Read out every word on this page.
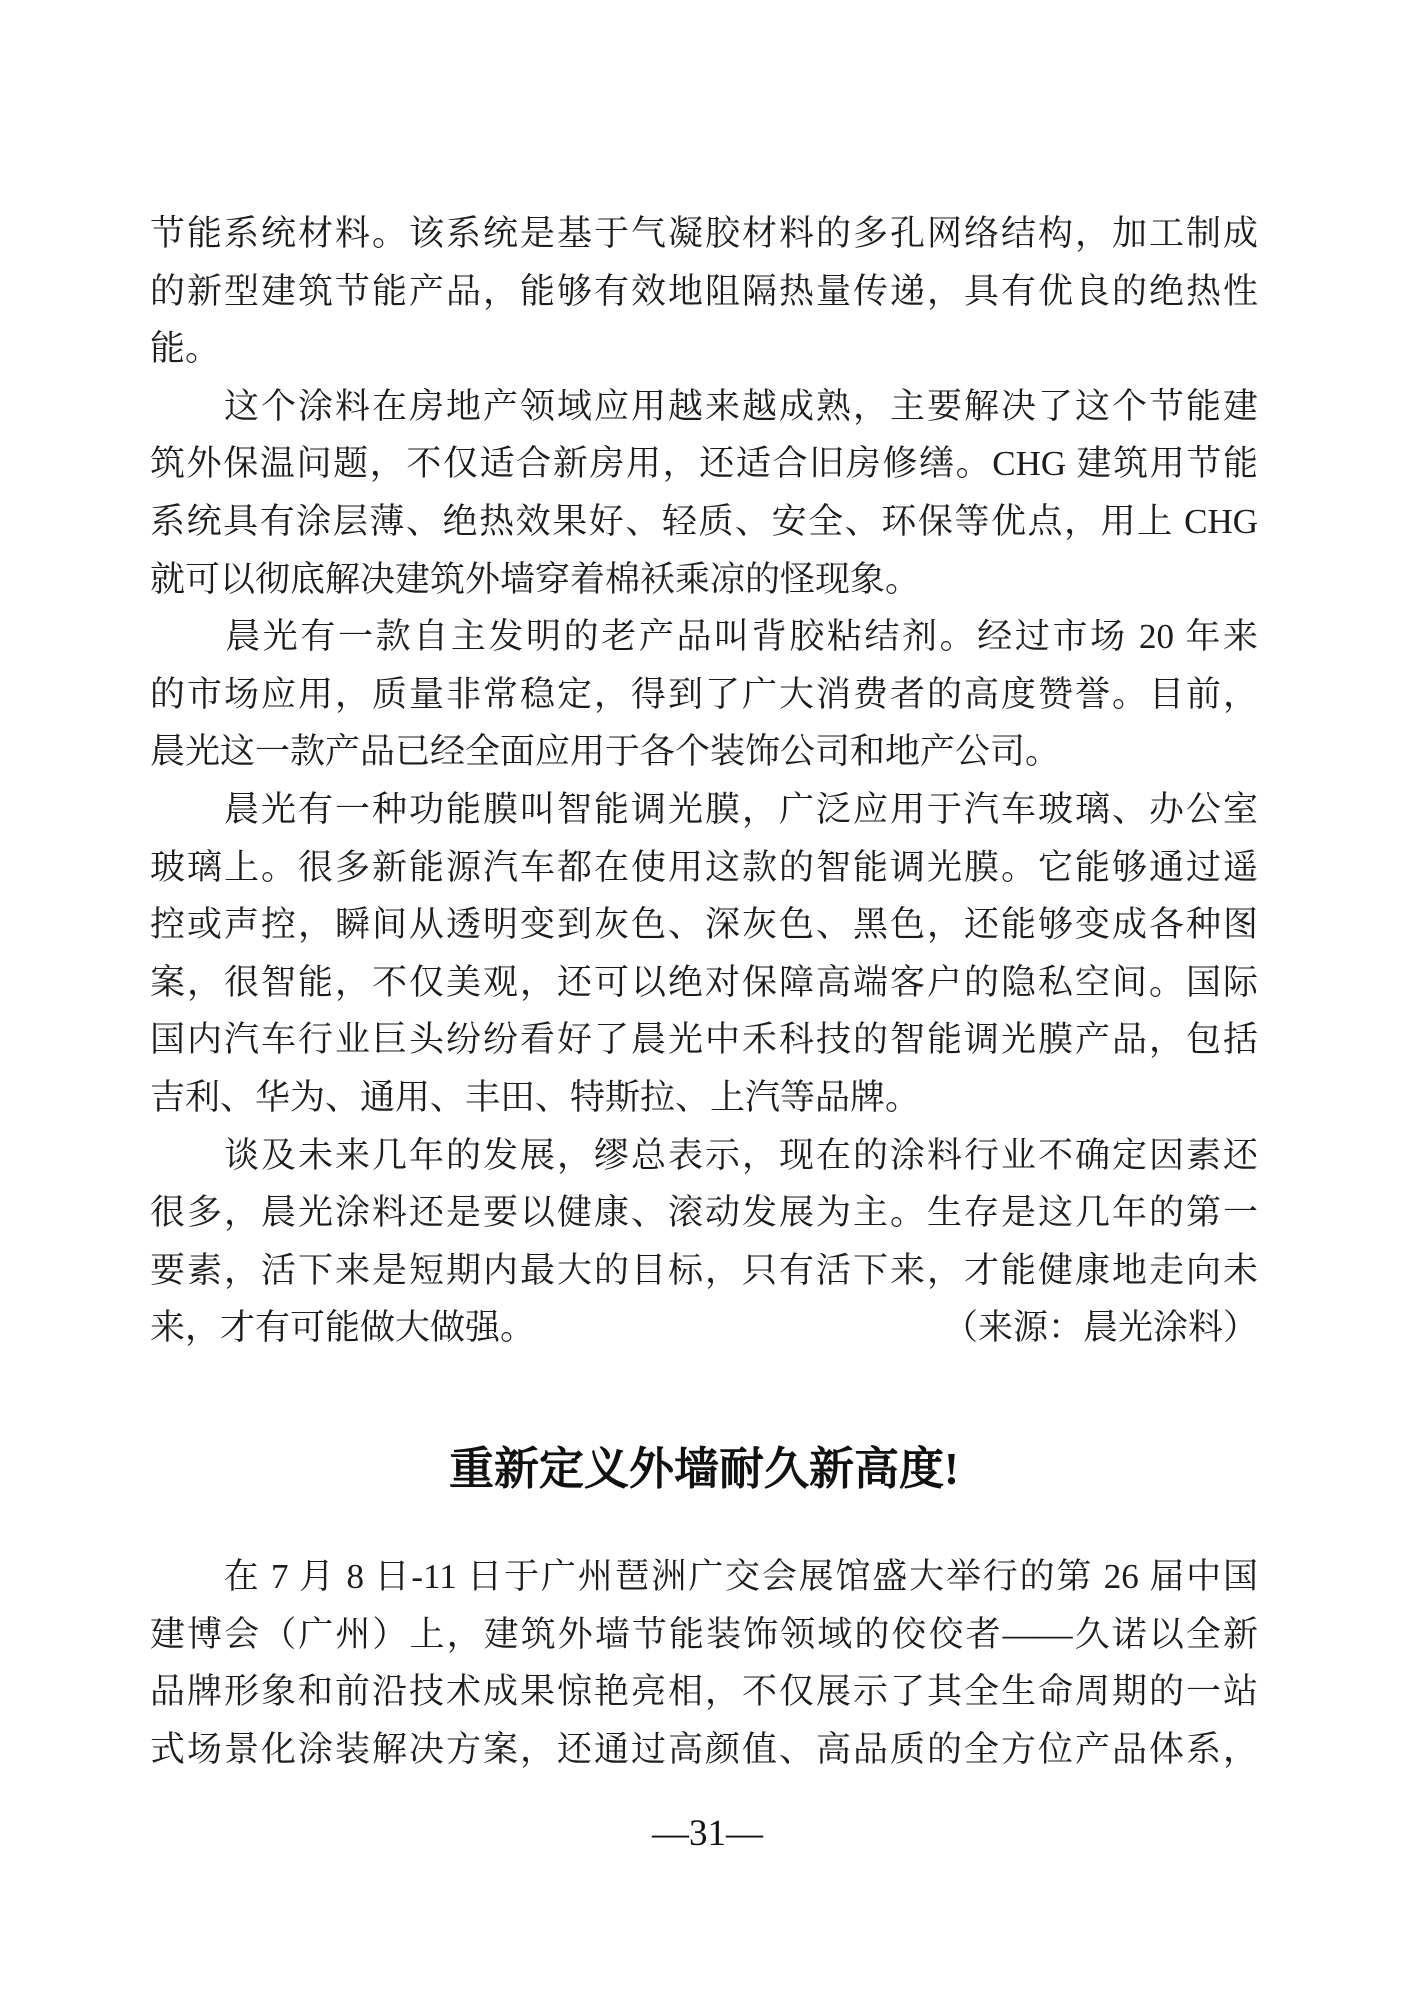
节能系统材料。该系统是基于气凝胶材料的多孔网络结构，加工制成
的新型建筑节能产品，能够有效地阻隔热量传递，具有优良的绝热性
能。
　　这个涂料在房地产领域应用越来越成熟，主要解决了这个节能建
筑外保温问题，不仅适合新房用，还适合旧房修缮。CHG 建筑用节能
系统具有涂层薄、绝热效果好、轻质、安全、环保等优点，用上 CHG
就可以彻底解决建筑外墙穿着棉袄乘凉的怪现象。
　　晨光有一款自主发明的老产品叫背胶粘结剂。经过市场 20 年来
的市场应用，质量非常稳定，得到了广大消费者的高度赞誉。目前，
晨光这一款产品已经全面应用于各个装饰公司和地产公司。
　　晨光有一种功能膜叫智能调光膜，广泛应用于汽车玻璃、办公室
玻璃上。很多新能源汽车都在使用这款的智能调光膜。它能够通过遥
控或声控，瞬间从透明变到灰色、深灰色、黑色，还能够变成各种图
案，很智能，不仅美观，还可以绝对保障高端客户的隐私空间。国际
国内汽车行业巨头纷纷看好了晨光中禾科技的智能调光膜产品，包括
吉利、华为、通用、丰田、特斯拉、上汽等品牌。
　　谈及未来几年的发展，缪总表示，现在的涂料行业不确定因素还
很多，晨光涂料还是要以健康、滚动发展为主。生存是这几年的第一
要素，活下来是短期内最大的目标，只有活下来，才能健康地走向未
来，才有可能做大做强。	（来源：晨光涂料）
重新定义外墙耐久新高度!
　　在 7 月 8 日-11 日于广州琶洲广交会展馆盛大举行的第 26 届中国
建博会（广州）上，建筑外墙节能装饰领域的佼佼者——久诺以全新
品牌形象和前沿技术成果惊艳亮相，不仅展示了其全生命周期的一站
式场景化涂装解决方案，还通过高颜值、高品质的全方位产品体系，
—31—
